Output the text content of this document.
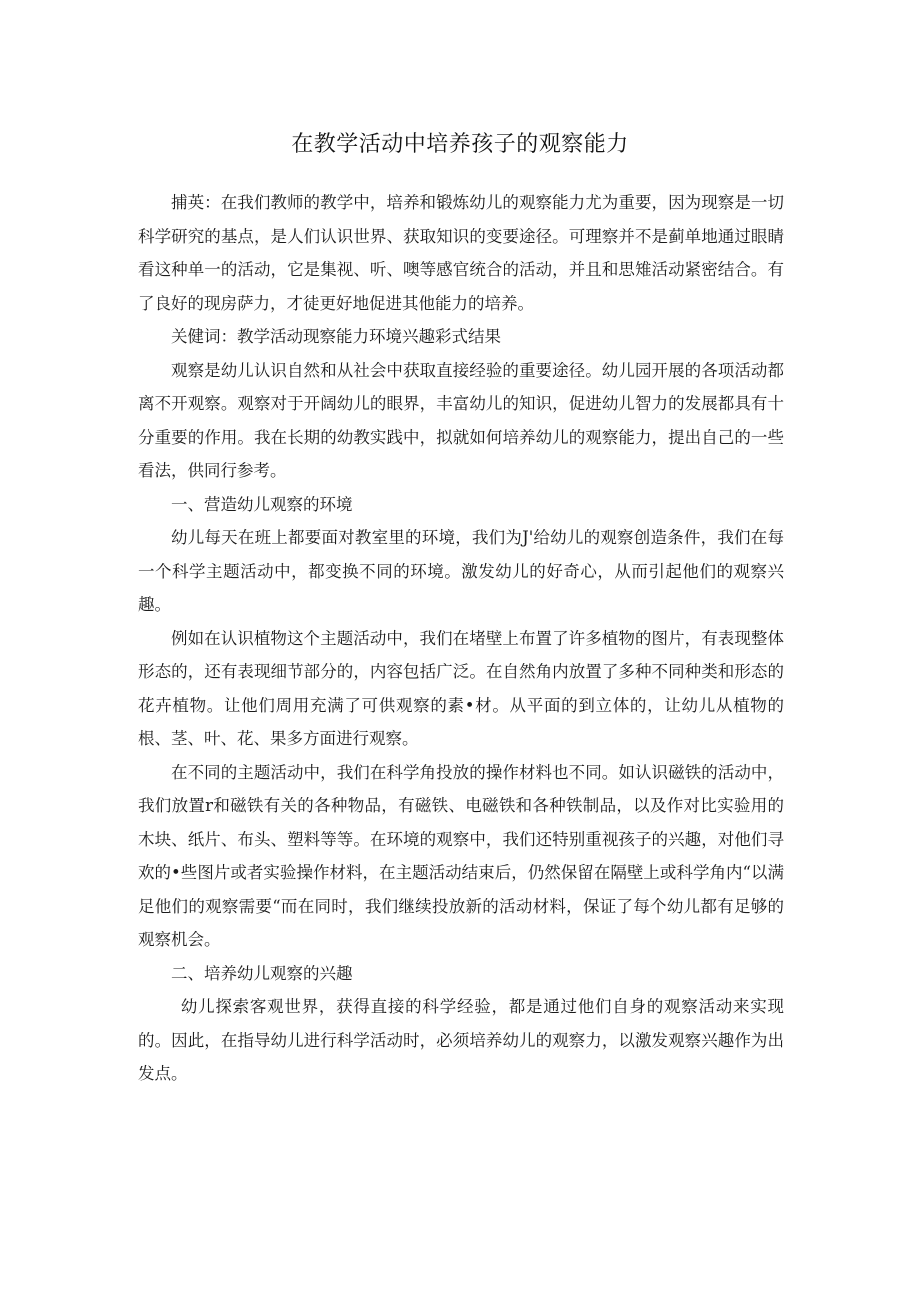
在教学活动中培养孩子的观察能力

捕英：在我们教师的教学中，培养和锻炼幼儿的观察能力尤为重要，因为现察是一切科学研究的基点，是人们认识世界、获取知识的变要途径。可理察并不是蓟单地通过眼睛看这种单一的活动，它是集视、听、噢等感官统合的活动，并且和思雉活动紧密结合。有了良好的现房萨力，才徒更好地促进其他能力的培养。

关健词：教学活动现察能力环境兴趣彩式结果

观察是幼儿认识自然和从社会中获取直接经验的重要途径。幼儿园开展的各项活动都离不开观察。观察对于开阔幼儿的眼界，丰富幼儿的知识，促进幼儿智力的发展都具有十分重要的作用。我在长期的幼教实践中，拟就如何培养幼儿的观察能力，提出自己的一些看法，供同行参考。

一、营造幼儿观察的环境

幼儿每天在班上都要面对教室里的环境，我们为J'给幼儿的观察创造条件，我们在每一个科学主题活动中，都变换不同的环境。激发幼儿的好奇心，从而引起他们的观察兴趣。

例如在认识植物这个主题活动中，我们在堵壁上布置了许多植物的图片，有表现整体形态的，还有表现细节部分的，内容包括广泛。在自然角内放置了多种不同种类和形态的花卉植物。让他们周用充满了可供观察的素•材。从平面的到立体的，让幼儿从植物的根、茎、叶、花、果多方面进行观察。

在不同的主题活动中，我们在科学角投放的操作材料也不同。如认识磁铁的活动中，我们放置r和磁铁有关的各种物品，有磁铁、电磁铁和各种铁制品，以及作对比实验用的木块、纸片、布头、塑料等等。在环境的观察中，我们还特别重视孩子的兴趣，对他们寻欢的•些图片或者实验操作材料，在主题活动结束后，仍然保留在隔壁上或科学角内“以满足他们的观察需要“而在同时，我们继续投放新的活动材料，保证了每个幼儿都有足够的观察机会。

二、培养幼儿观察的兴趣

幼儿探索客观世界，获得直接的科学经验，都是通过他们自身的观察活动来实现的。因此，在指导幼儿进行科学活动时，必须培养幼儿的观察力，以激发观察兴趣作为出发点。
